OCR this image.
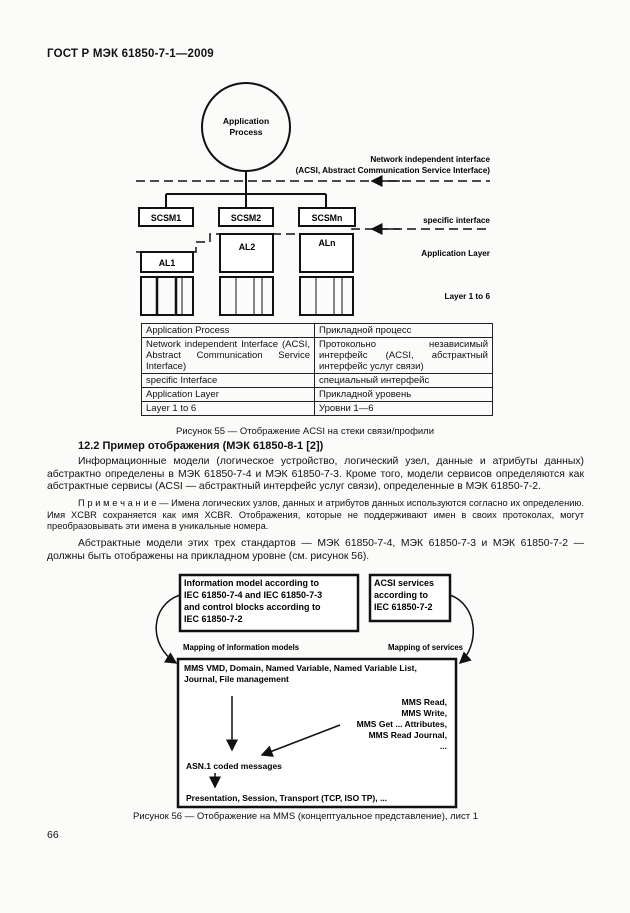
ГОСТ Р МЭК 61850-7-1—2009
Application
Process
Network independent interface
(ACSI, Abstract Communication Service Interface)
SCSM1	SCSM2	SCSMn	specific interface
AL1
AL2	ALn
Application Layer
Layer 1 to 6
Application Process	Прикладной процесс
Network independent Interface (ACSI, Abstract Communication Service Interface)	Протокольно независимый интерфейс (ACSI, абстрактный интерфейс услуг связи)
specific Interface	специальный интерфейс
Application Layer	Прикладной уровень
Layer 1 to 6	Уровни 1—6
Рисунок 55 — Отображение ACSI на стеки связи/профили
12.2 Пример отображения (МЭК 61850-8-1 [2])
Информационные модели (логическое устройство, логический узел, данные и атрибуты данных) абстрактно определены в МЭК 61850-7-4 и МЭК 61850-7-3. Кроме того, модели сервисов определяются как абстрактные сервисы (ACSI — абстрактный интерфейс услуг связи), определенные в МЭК 61850-7-2.
П р и м е ч а н и е — Имена логических узлов, данных и атрибутов данных используются согласно их определению. Имя XCBR сохраняется как имя XCBR. Отображения, которые не поддерживают имен в своих протоколах, могут преобразовывать эти имена в уникальные номера.
Абстрактные модели этих трех стандартов — МЭК 61850-7-4, МЭК 61850-7-3 и МЭК 61850-7-2 — должны быть отображены на прикладном уровне (см. рисунок 56).
Information model according to
IEC 61850-7-4 and IEC 61850-7-3
and control blocks according to
IEC 61850-7-2
ACSI services
according to
IEC 61850-7-2
Mapping of information models	Mapping of services
MMS VMD, Domain, Named Variable, Named Variable List,
Journal, File management
MMS Read,
MMS Write,
MMS Get ... Attributes,
MMS Read Journal,
...
ASN.1 coded messages
Presentation, Session, Transport (TCP, ISO TP), ...
Рисунок 56 — Отображение на MMS (концептуальное представление), лист 1
66
